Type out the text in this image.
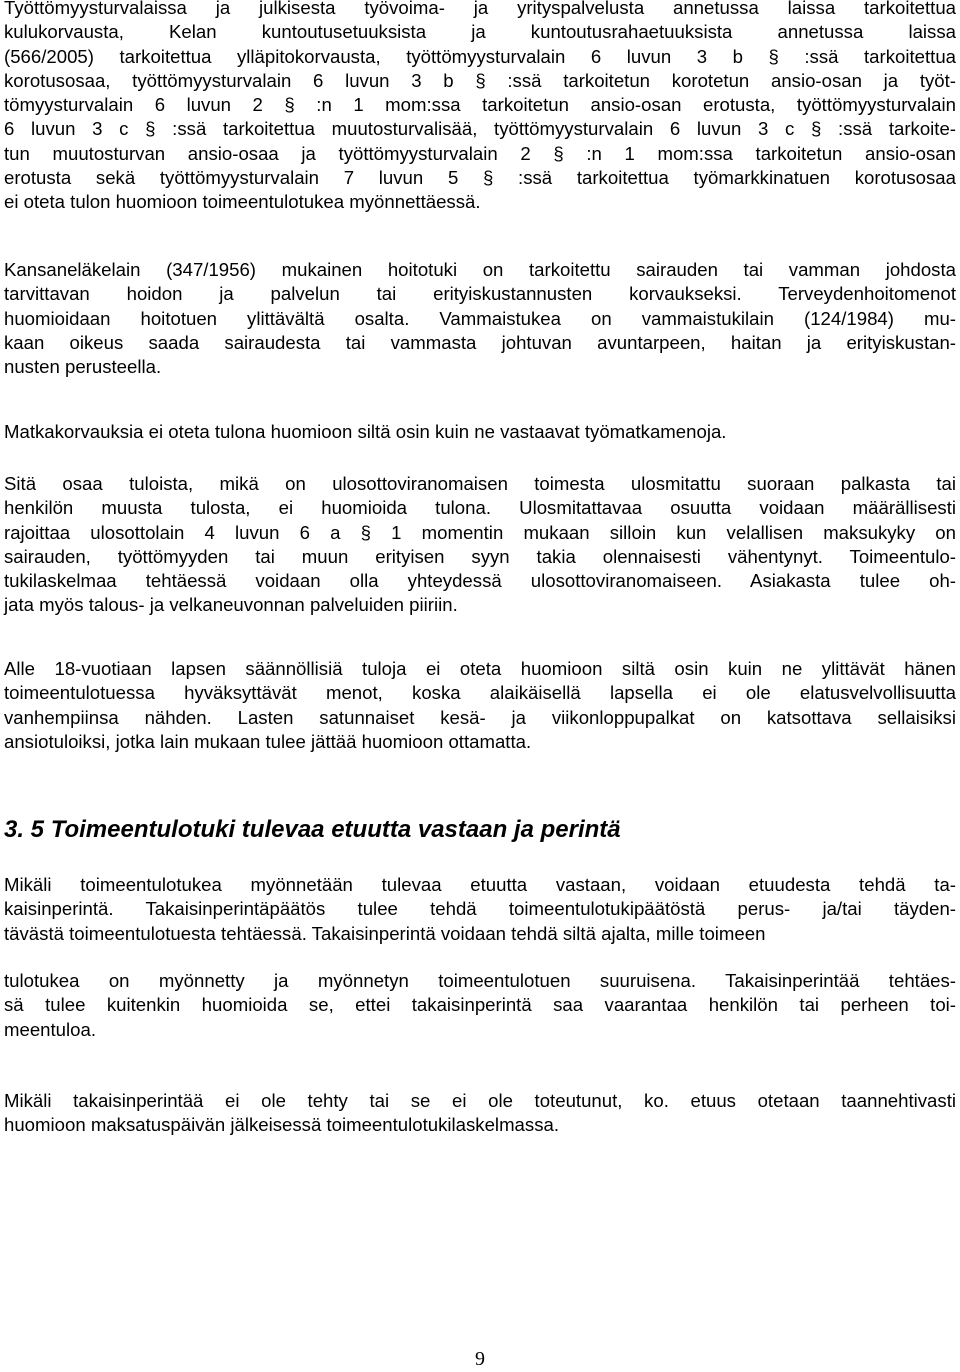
Työttömyysturvalaissa ja julkisesta työvoima- ja yrityspalvelusta annetussa laissa tarkoitettua
kulukorvausta, Kelan kuntoutusetuuksista ja kuntoutusrahaetuuksista annetussa laissa
(566/2005) tarkoitettua ylläpitokorvausta, työttömyysturvalain 6 luvun 3 b § :ssä tarkoitettua
korotusosaa, työttömyysturvalain 6 luvun 3 b § :ssä tarkoitetun korotetun ansio-osan ja työt-
tömyysturvalain 6 luvun 2 § :n 1 mom:ssa tarkoitetun ansio-osan erotusta, työttömyysturvalain
6 luvun 3 c § :ssä tarkoitettua muutosturvalisää, työttömyysturvalain 6 luvun 3 c § :ssä tarkoite-
tun muutosturvan ansio-osaa ja työttömyysturvalain 2 § :n 1 mom:ssa tarkoitetun ansio-osan
erotusta sekä työttömyysturvalain 7 luvun 5 § :ssä tarkoitettua työmarkkinatuen korotusosaa
ei oteta tulon huomioon toimeentulotukea myönnettäessä.
Kansaneläkelain (347/1956) mukainen hoitotuki on tarkoitettu sairauden tai vamman johdosta
tarvittavan hoidon ja palvelun tai erityiskustannusten korvaukseksi. Terveydenhoitomenot
huomioidaan hoitotuen ylittävältä osalta. Vammaistukea on vammaistukilain (124/1984) mu-
kaan oikeus saada sairaudesta tai vammasta johtuvan avuntarpeen, haitan ja erityiskustan-
nusten perusteella.
Matkakorvauksia ei oteta tulona huomioon siltä osin kuin ne vastaavat työmatkamenoja.
Sitä osaa tuloista, mikä on ulosottoviranomaisen toimesta ulosmitattu suoraan palkasta tai
henkilön muusta tulosta, ei huomioida tulona. Ulosmitattavaa osuutta voidaan määrällisesti
rajoittaa ulosottolain 4 luvun 6 a § 1 momentin mukaan silloin kun velallisen maksukyky on
sairauden, työttömyyden tai muun erityisen syyn takia olennaisesti vähentynyt. Toimeentulo-
tukilaskelmaa tehtäessä voidaan olla yhteydessä ulosottoviranomaiseen. Asiakasta tulee oh-
jata myös talous- ja velkaneuvonnan palveluiden piiriin.
Alle 18-vuotiaan lapsen säännöllisiä tuloja ei oteta huomioon siltä osin kuin ne ylittävät hänen
toimeentulotuessa hyväksyttävät menot, koska alaikäisellä lapsella ei ole elatusvelvollisuutta
vanhempiinsa nähden. Lasten satunnaiset kesä- ja viikonloppupalkat on katsottava sellaisiksi
ansiotuloiksi, jotka lain mukaan tulee jättää huomioon ottamatta.
3. 5 Toimeentulotuki tulevaa etuutta vastaan ja perintä
Mikäli toimeentulotukea myönnetään tulevaa etuutta vastaan, voidaan etuudesta tehdä ta-
kaisinperintä. Takaisinperintäpäätös tulee tehdä toimeentulotukipäätöstä perus- ja/tai täyden-
tävästä toimeentulotuesta tehtäessä. Takaisinperintä voidaan tehdä siltä ajalta, mille toimeen
tulotukea on myönnetty ja myönnetyn toimeentulotuen suuruisena. Takaisinperintää tehtäes-
sä tulee kuitenkin huomioida se, ettei takaisinperintä saa vaarantaa henkilön tai perheen toi-
meentuloa.
Mikäli takaisinperintää ei ole tehty tai se ei ole toteutunut, ko. etuus otetaan taannehtivasti
huomioon maksatuspäivän jälkeisessä toimeentulotukilaskelmassa.
9
